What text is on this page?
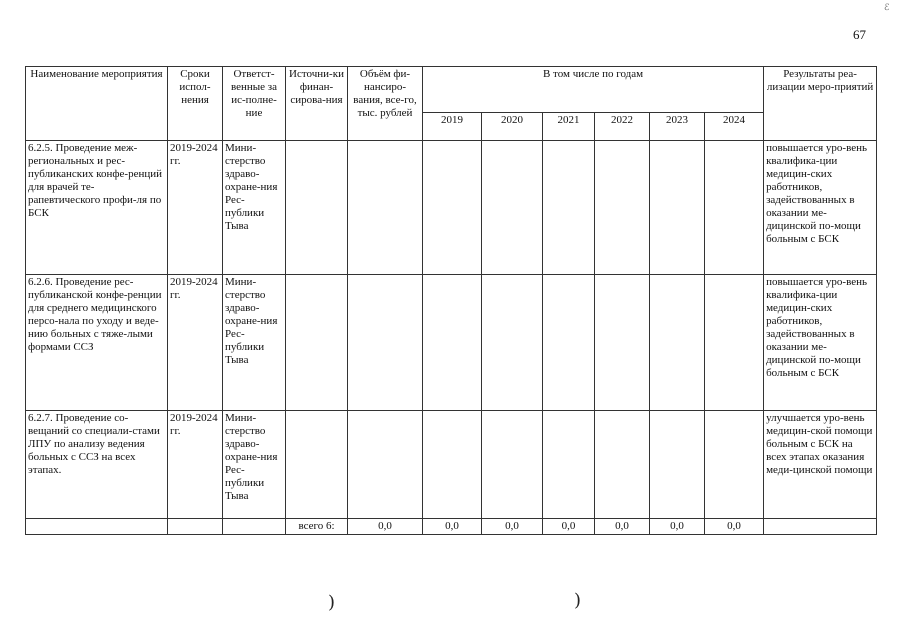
ℰ
67
Наименование мероприятия	Сроки испол-нения	Ответст-венные за ис-полне-ние	Источни-ки финан-сирова-ния	Объём фи-нансиро-вания, все-го, тыс. рублей	В том числе по годам						Результаты реа-лизации меро-приятий
					2019	2020	2021	2022	2023	2024	
6.2.5. Проведение меж-региональных и рес-публиканских конфе-ренций для врачей те-рапевтического профи-ля по БСК	2019-2024 гг.	Мини-стерство здраво-охране-ния Рес-публики Тыва									повышается уро-вень квалифика-ции медицин-ских работников, задействованных в оказании ме-дицинской по-мощи больным с БСК
6.2.6. Проведение рес-публиканской конфе-ренции для среднего медицинского персо-нала по уходу и веде-нию больных с тяже-лыми формами ССЗ	2019-2024 гг.	Мини-стерство здраво-охране-ния Рес-публики Тыва									повышается уро-вень квалифика-ции медицин-ских работников, задействованных в оказании ме-дицинской по-мощи больным с БСК
6.2.7. Проведение со-вещаний со специали-стами ЛПУ по анализу ведения больных с ССЗ на всех этапах.	2019-2024 гг.	Мини-стерство здраво-охране-ния Рес-публики Тыва									улучшается уро-вень медицин-ской помощи больным с БСК на всех этапах оказания меди-цинской помощи
			всего 6:	0,0	0,0	0,0	0,0	0,0	0,0	0,0	
)	)
